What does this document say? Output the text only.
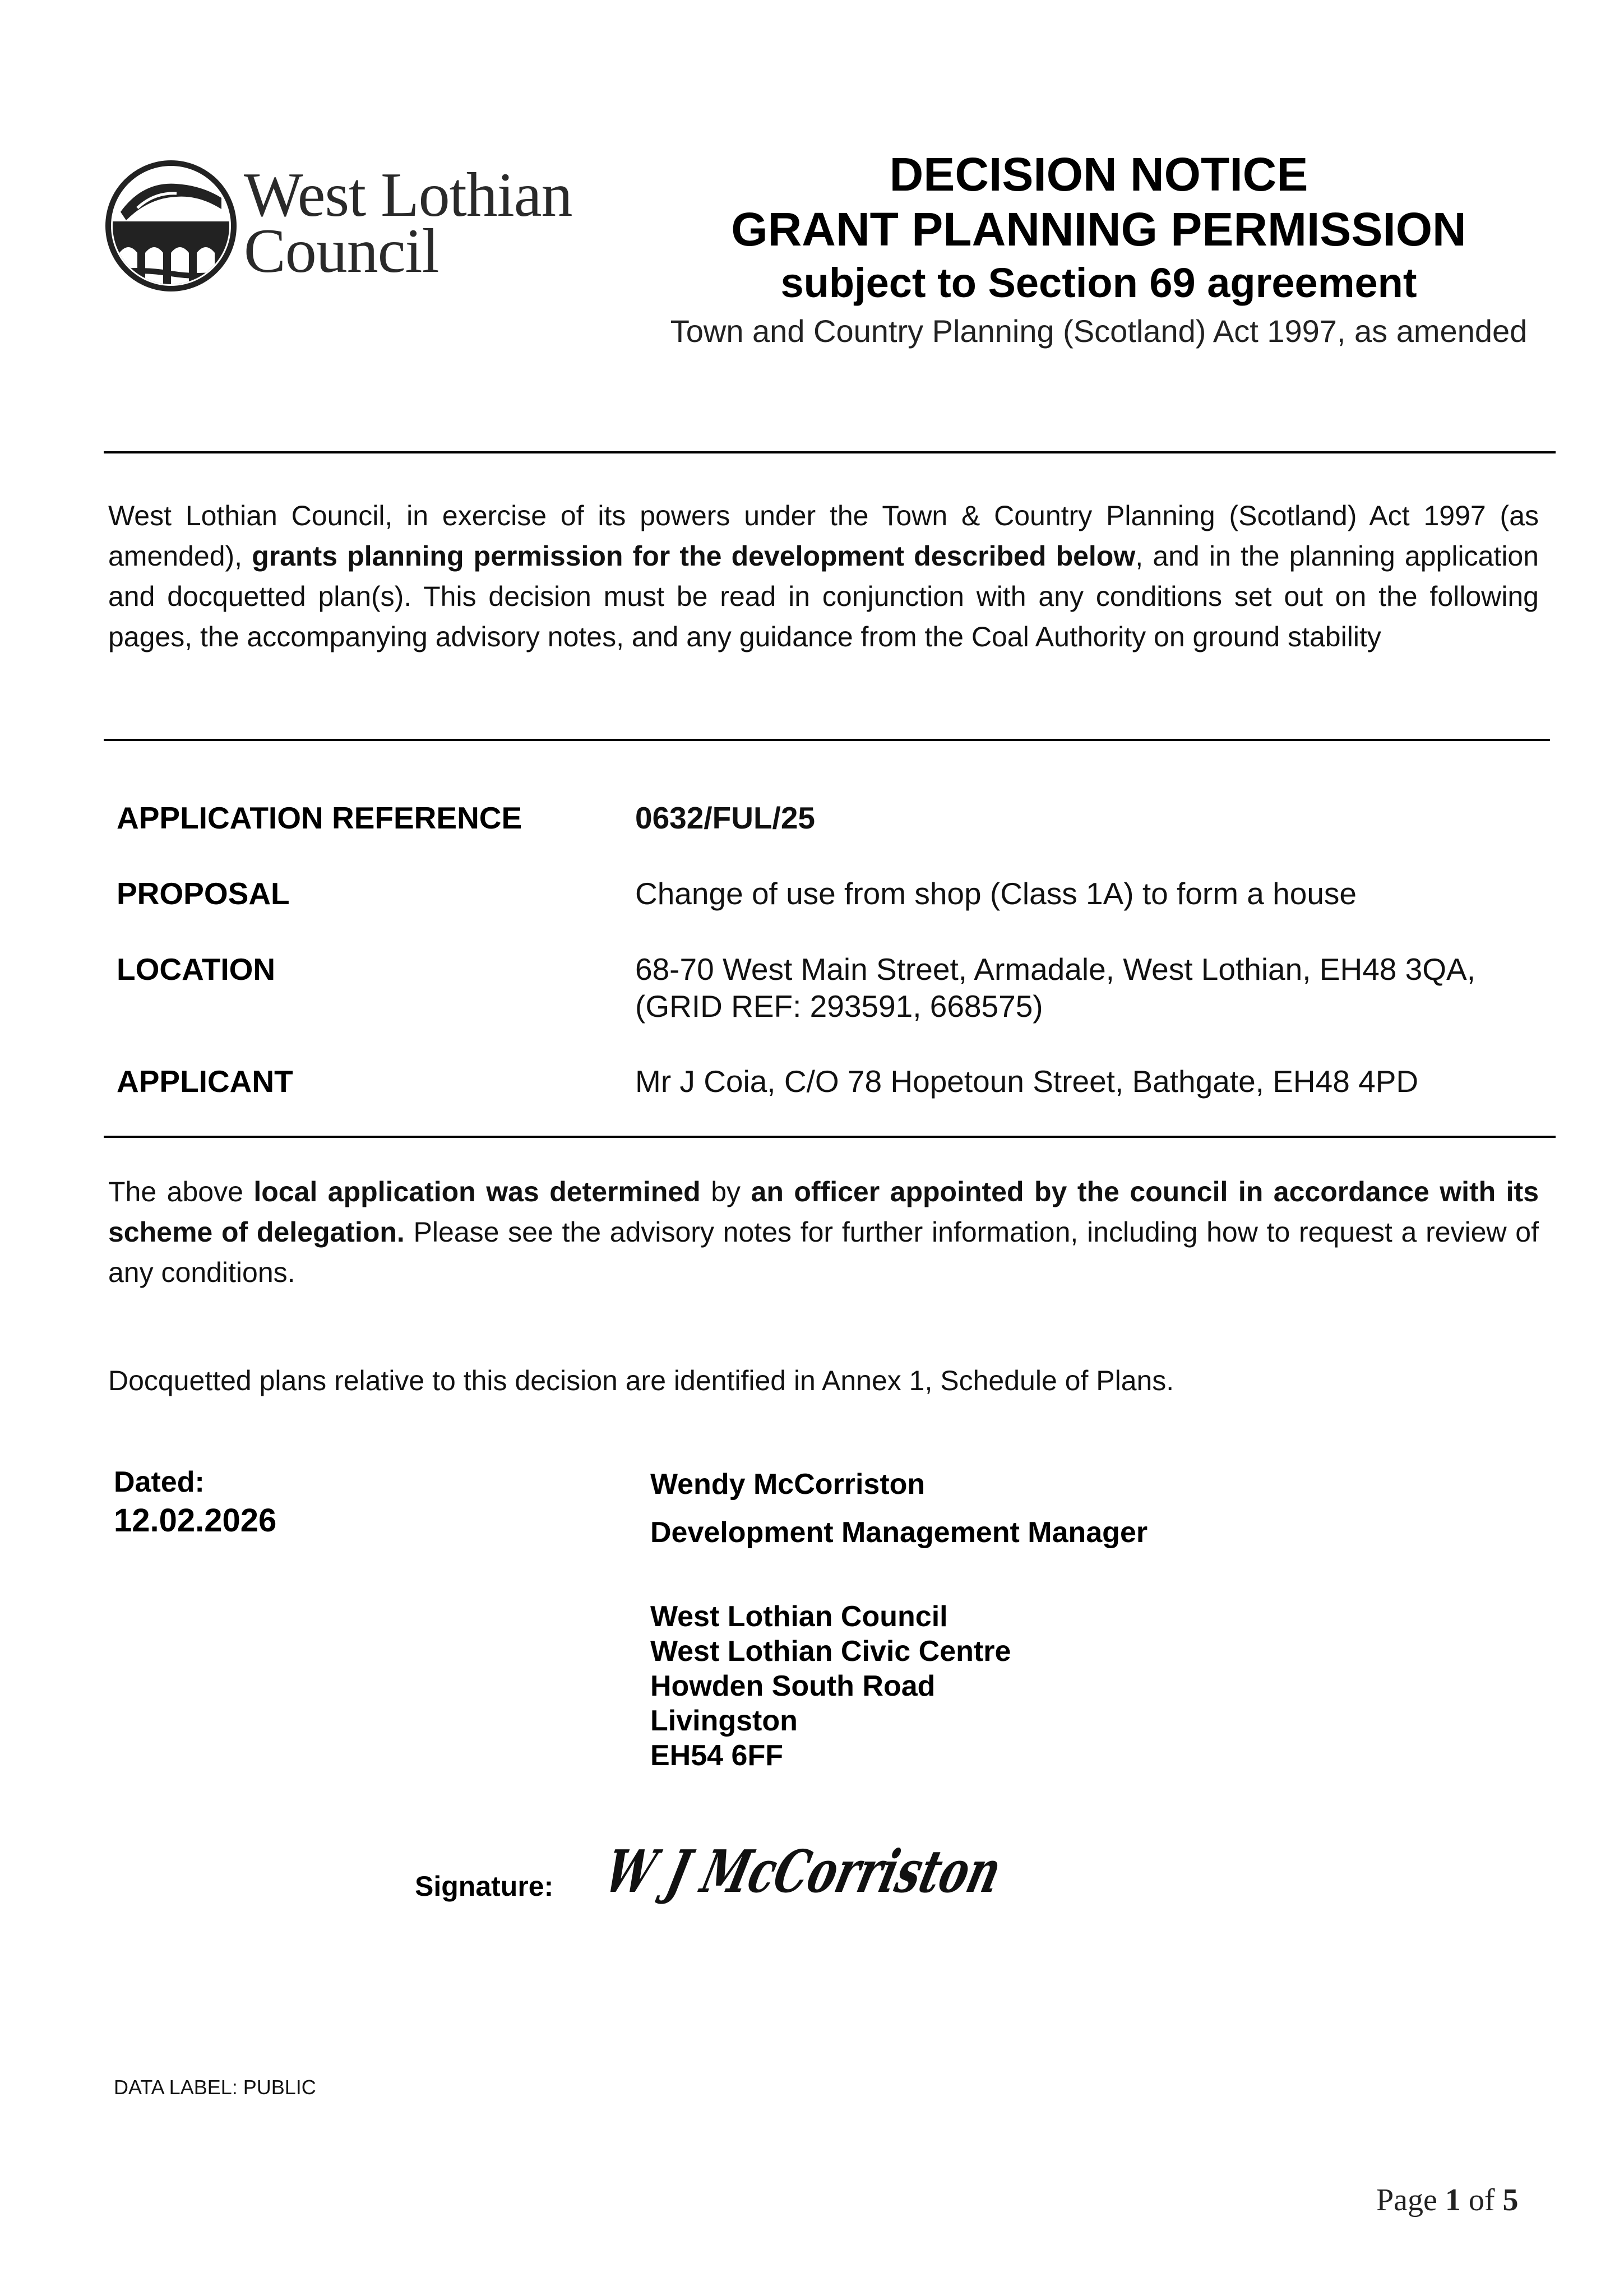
West Lothian
Council
DECISION NOTICE
GRANT PLANNING PERMISSION
subject to Section 69 agreement
Town and Country Planning (Scotland) Act 1997, as amended
West Lothian Council, in exercise of its powers under the Town & Country Planning (Scotland) Act 1997 (as amended), grants planning permission for the development described below, and in the planning application and docquetted plan(s). This decision must be read in conjunction with any conditions set out on the following pages, the accompanying advisory notes, and any guidance from the Coal Authority on ground stability
APPLICATION REFERENCE	0632/FUL/25
PROPOSAL	Change of use from shop (Class 1A) to form a house
LOCATION	68-70 West Main Street, Armadale, West Lothian, EH48 3QA,
(GRID REF: 293591, 668575)
APPLICANT	Mr J Coia, C/O 78 Hopetoun Street, Bathgate, EH48 4PD
The above local application was determined by an officer appointed by the council in accordance with its scheme of delegation. Please see the advisory notes for further information, including how to request a review of any conditions.
Docquetted plans relative to this decision are identified in Annex 1, Schedule of Plans.
Dated:
12.02.2026
Wendy McCorriston
Development Management Manager
West Lothian Council
West Lothian Civic Centre
Howden South Road
Livingston
EH54 6FF
Signature: W J McCorriston
DATA LABEL: PUBLIC
Page 1 of 5
